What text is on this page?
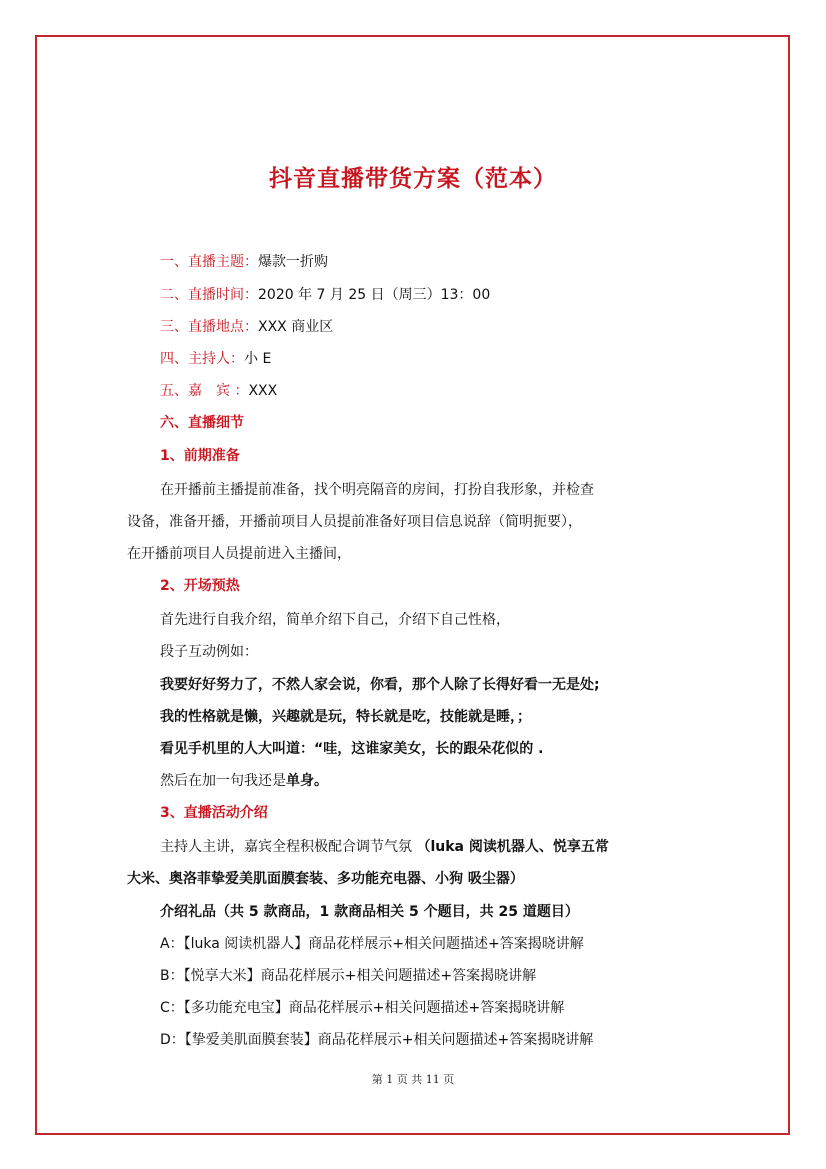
抖音直播带货方案（范本）
一、直播主题：爆款一折购
二、直播时间：2020 年 7 月 25 日（周三）13：00
三、直播地点：XXX 商业区
四、主持人：小 E
五、嘉　宾 ：XXX
六、直播细节
1、前期准备
在开播前主播提前准备，找个明亮隔音的房间，打扮自我形象，并检查
设备，准备开播，开播前项目人员提前准备好项目信息说辞（简明扼要），
在开播前项目人员提前进入主播间，
2、开场预热
首先进行自我介绍，简单介绍下自己，介绍下自己性格，
段子互动例如：
我要好好努力了，不然人家会说，你看，那个人除了长得好看一无是处;
我的性格就是懒，兴趣就是玩，特长就是吃，技能就是睡，；
看见手机里的人大叫道：“哇，这谁家美女，长的跟朵花似的 .
然后在加一句我还是单身。
3、直播活动介绍
主持人主讲，嘉宾全程积极配合调节气氛 （luka 阅读机器人、悦享五常
大米、奥洛菲挚爱美肌面膜套装、多功能充电器、小狗 吸尘器）
介绍礼品（共 5 款商品，1 款商品相关 5 个题目，共 25 道题目）
A：【luka 阅读机器人】商品花样展示+相关问题描述+答案揭晓讲解
B：【悦享大米】商品花样展示+相关问题描述+答案揭晓讲解
C：【多功能充电宝】商品花样展示+相关问题描述+答案揭晓讲解
D：【挚爱美肌面膜套装】商品花样展示+相关问题描述+答案揭晓讲解
第 1 页 共 11 页
